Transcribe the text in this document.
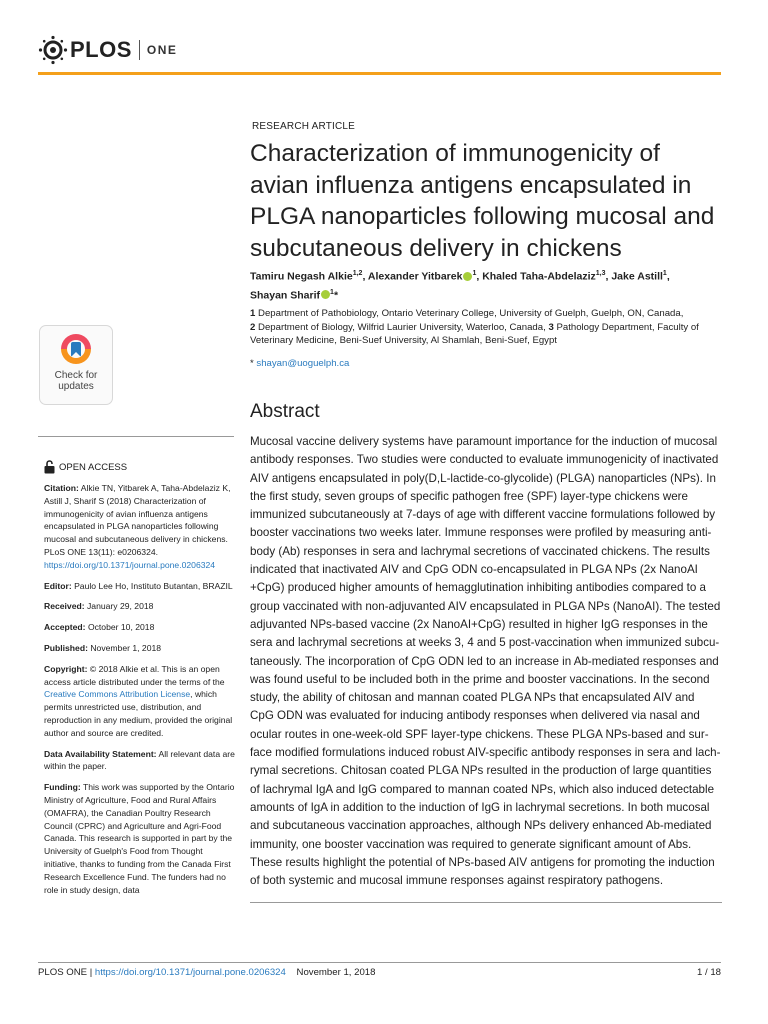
PLOS ONE
RESEARCH ARTICLE
Characterization of immunogenicity of avian influenza antigens encapsulated in PLGA nanoparticles following mucosal and subcutaneous delivery in chickens
Tamiru Negash Alkie$^{1,2}$, Alexander Yitbarek $^1$, Khaled Taha-Abdelaziz$^{1,3}$, Jake Astill$^1$,
Shayan Sharif $^1$*
1 Department of Pathobiology, Ontario Veterinary College, University of Guelph, Guelph, ON, Canada,
2 Department of Biology, Wilfrid Laurier University, Waterloo, Canada, 3 Pathology Department, Faculty of Veterinary Medicine, Beni-Suef University, Al Shamlah, Beni-Suef, Egypt
* shayan@uoguelph.ca
Abstract
Mucosal vaccine delivery systems have paramount importance for the induction of mucosal
antibody responses. Two studies were conducted to evaluate immunogenicity of inactivated
AIV antigens encapsulated in poly(D,L-lactide-co-glycolide) (PLGA) nanoparticles (NPs). In
the first study, seven groups of specific pathogen free (SPF) layer-type chickens were
immunized subcutaneously at 7-days of age with different vaccine formulations followed by
booster vaccinations two weeks later. Immune responses were profiled by measuring anti-
body (Ab) responses in sera and lachrymal secretions of vaccinated chickens. The results
indicated that inactivated AIV and CpG ODN co-encapsulated in PLGA NPs (2x NanoAI
+CpG) produced higher amounts of hemagglutination inhibiting antibodies compared to a
group vaccinated with non-adjuvanted AIV encapsulated in PLGA NPs (NanoAI). The tested
adjuvanted NPs-based vaccine (2x NanoAI+CpG) resulted in higher IgG responses in the
sera and lachrymal secretions at weeks 3, 4 and 5 post-vaccination when immunized subcu-
taneously. The incorporation of CpG ODN led to an increase in Ab-mediated responses and
was found useful to be included both in the prime and booster vaccinations. In the second
study, the ability of chitosan and mannan coated PLGA NPs that encapsulated AIV and
CpG ODN was evaluated for inducing antibody responses when delivered via nasal and
ocular routes in one-week-old SPF layer-type chickens. These PLGA NPs-based and sur-
face modified formulations induced robust AIV-specific antibody responses in sera and lach-
rymal secretions. Chitosan coated PLGA NPs resulted in the production of large quantities
of lachrymal IgA and IgG compared to mannan coated NPs, which also induced detectable
amounts of IgA in addition to the induction of IgG in lachrymal secretions. In both mucosal
and subcutaneous vaccination approaches, although NPs delivery enhanced Ab-mediated
immunity, one booster vaccination was required to generate significant amount of Abs.
These results highlight the potential of NPs-based AIV antigens for promoting the induction
of both systemic and mucosal immune responses against respiratory pathogens.
Check for
updates
OPEN ACCESS

Citation: Alkie TN, Yitbarek A, Taha-Abdelaziz K, Astill J, Sharif S (2018) Characterization of immunogenicity of avian influenza antigens encapsulated in PLGA nanoparticles following mucosal and subcutaneous delivery in chickens. PLoS ONE 13(11): e0206324. https://doi.org/10.1371/journal.pone.0206324

Editor: Paulo Lee Ho, Instituto Butantan, BRAZIL

Received: January 29, 2018

Accepted: October 10, 2018

Published: November 1, 2018

Copyright: © 2018 Alkie et al. This is an open access article distributed under the terms of the Creative Commons Attribution License, which permits unrestricted use, distribution, and reproduction in any medium, provided the original author and source are credited.

Data Availability Statement: All relevant data are within the paper.

Funding: This work was supported by the Ontario Ministry of Agriculture, Food and Rural Affairs (OMAFRA), the Canadian Poultry Research Council (CPRC) and Agriculture and Agri-Food Canada. This research is supported in part by the University of Guelph's Food from Thought initiative, thanks to funding from the Canada First Research Excellence Fund. The funders had no role in study design, data

PLOS ONE | https://doi.org/10.1371/journal.pone.0206324 November 1, 2018	1 / 18
